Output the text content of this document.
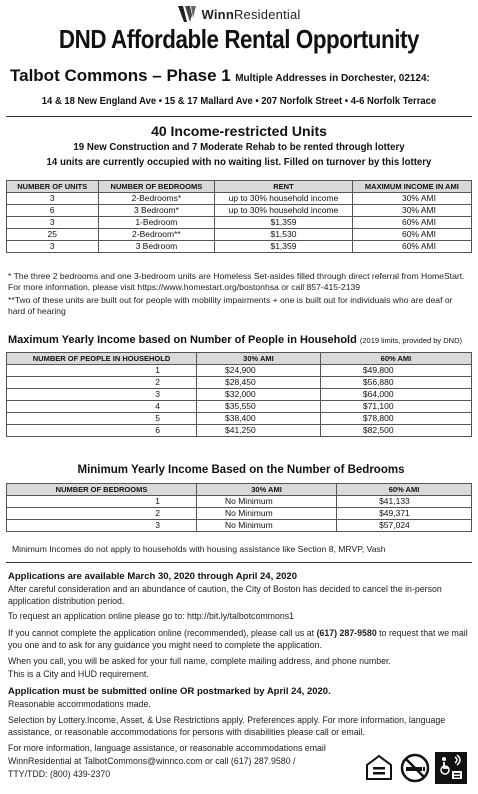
WinnResidential
DND Affordable Rental Opportunity
Talbot Commons – Phase 1 Multiple Addresses in Dorchester, 02124:
14 & 18 New England Ave • 15 & 17 Mallard Ave • 207 Norfolk Street • 4-6 Norfolk Terrace
40 Income-restricted Units
19 New Construction and 7 Moderate Rehab to be rented through lottery
14 units are currently occupied with no waiting list. Filled on turnover by this lottery
NUMBER OF UNITS	NUMBER OF BEDROOMS	RENT	MAXIMUM INCOME IN AMI
3	2-Bedrooms*	up to 30% household income	30% AMI
6	3 Bedroom*	up to 30% household income	30% AMI
3	1-Bedroom	$1,359	60% AMI
25	2-Bedroom**	$1,530	60% AMI
3	3 Bedroom	$1,359	60% AMI
* The three 2 bedrooms and one 3-bedroom units are Homeless Set-asides filled through direct referral from HomeStart. For more information, please visit https://www.homestart.org/bostonhsa or call 857-415-2139
**Two of these units are built out for people with mobility impairments + one is built out for individuals who are deaf or hard of hearing
Maximum Yearly Income based on Number of People in Household (2019 limits, provided by DND)
NUMBER OF PEOPLE IN HOUSEHOLD	30% AMI	60% AMI
1	$24,900	$49,800
2	$28,450	$56,880
3	$32,000	$64,000
4	$35,550	$71,100
5	$38,400	$78,800
6	$41,250	$82,500
Minimum Yearly Income Based on the Number of Bedrooms
NUMBER OF BEDROOMS	30% AMI	60% AMI
1	No Minimum	$41,133
2	No Minimum	$49,371
3	No Minimum	$57,024
Minimum Incomes do not apply to households with housing assistance like Section 8, MRVP, Vash
Applications are available March 30, 2020 through April 24, 2020
After careful consideration and an abundance of caution, the City of Boston has decided to cancel the in-person application distribution period.
To request an application online please go to: http://bit.ly/talbotcommons1
If you cannot complete the application online (recommended), please call us at (617) 287-9580 to request that we mail you one and to ask for any guidance you might need to complete the application.
When you call, you will be asked for your full name, complete mailing address, and phone number.
This is a City and HUD requirement.
Application must be submitted online OR postmarked by April 24, 2020.
Reasonable accommodations made.
Selection by Lottery.Income, Asset, & Use Restrictions apply. Preferences apply. For more information, language assistance, or reasonable accommodations for persons with disabilities please call or email.
For more information, language assistance, or reasonable accommodations email
WinnResidential at TalbotCommons@winnco.com or call (617) 287.9580 /
TTY/TDD: (800) 439-2370
